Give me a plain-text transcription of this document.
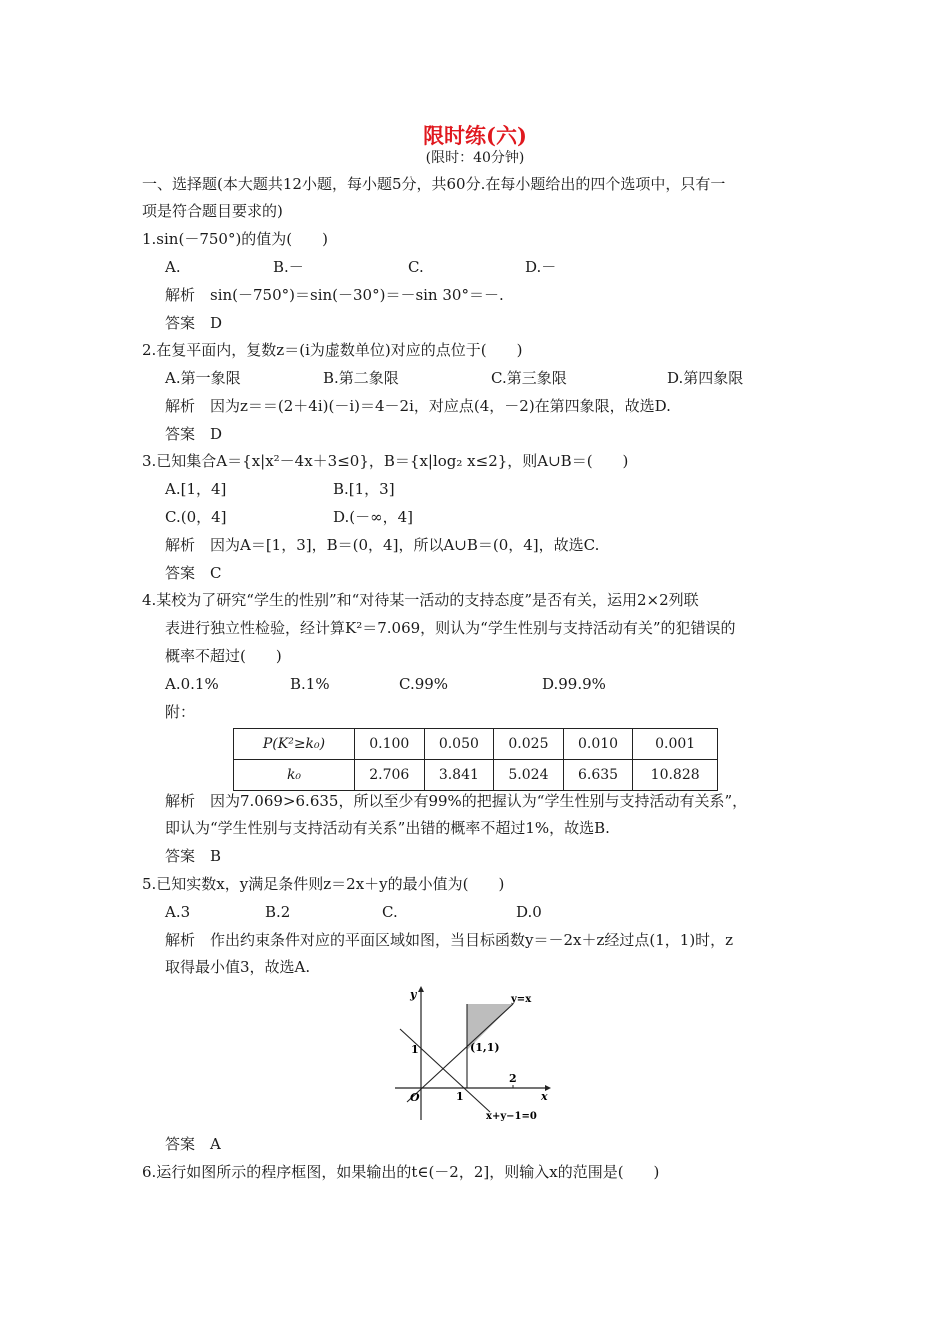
限时练(六)
(限时：40分钟)
一、选择题(本大题共12小题，每小题5分，共60分.在每小题给出的四个选项中，只有一
项是符合题目要求的)
1.sin(－750°)的值为(　　)
A.	B.－	C.	D.－
解析　sin(－750°)＝sin(－30°)＝－sin 30°＝－.
答案　D
2.在复平面内，复数z＝(i为虚数单位)对应的点位于(　　)
A.第一象限	B.第二象限	C.第三象限	D.第四象限
解析　因为z＝＝(2＋4i)(－i)＝4－2i，对应点(4，－2)在第四象限，故选D.
答案　D
3.已知集合A＝{x|x²－4x＋3≤0}，B＝{x|log₂ x≤2}，则A∪B＝(　　)
A.[1，4]	B.[1，3]
C.(0，4]	D.(－∞，4]
解析　因为A＝[1，3]，B＝(0，4]，所以A∪B＝(0，4]，故选C.
答案　C
4.某校为了研究“学生的性别”和“对待某一活动的支持态度”是否有关，运用2×2列联
表进行独立性检验，经计算K²＝7.069，则认为“学生性别与支持活动有关”的犯错误的
概率不超过(　　)
A.0.1%	B.1%	C.99%	D.99.9%
附：
P(K²≥k₀)	0.100	0.050	0.025	0.010	0.001
k₀	2.706	3.841	5.024	6.635	10.828
解析　因为7.069>6.635，所以至少有99%的把握认为“学生性别与支持活动有关系”，
即认为“学生性别与支持活动有关系”出错的概率不超过1%，故选B.
答案　B
5.已知实数x，y满足条件则z＝2x＋y的最小值为(　　)
A.3	B.2	C.	D.0
解析　作出约束条件对应的平面区域如图，当目标函数y＝－2x＋z经过点(1，1)时，z
取得最小值3，故选A.
y
x
O
1
1
2
(1,1)
y=x
x+y−1=0
答案　A
6.运行如图所示的程序框图，如果输出的t∈(－2，2]，则输入x的范围是(　　)
